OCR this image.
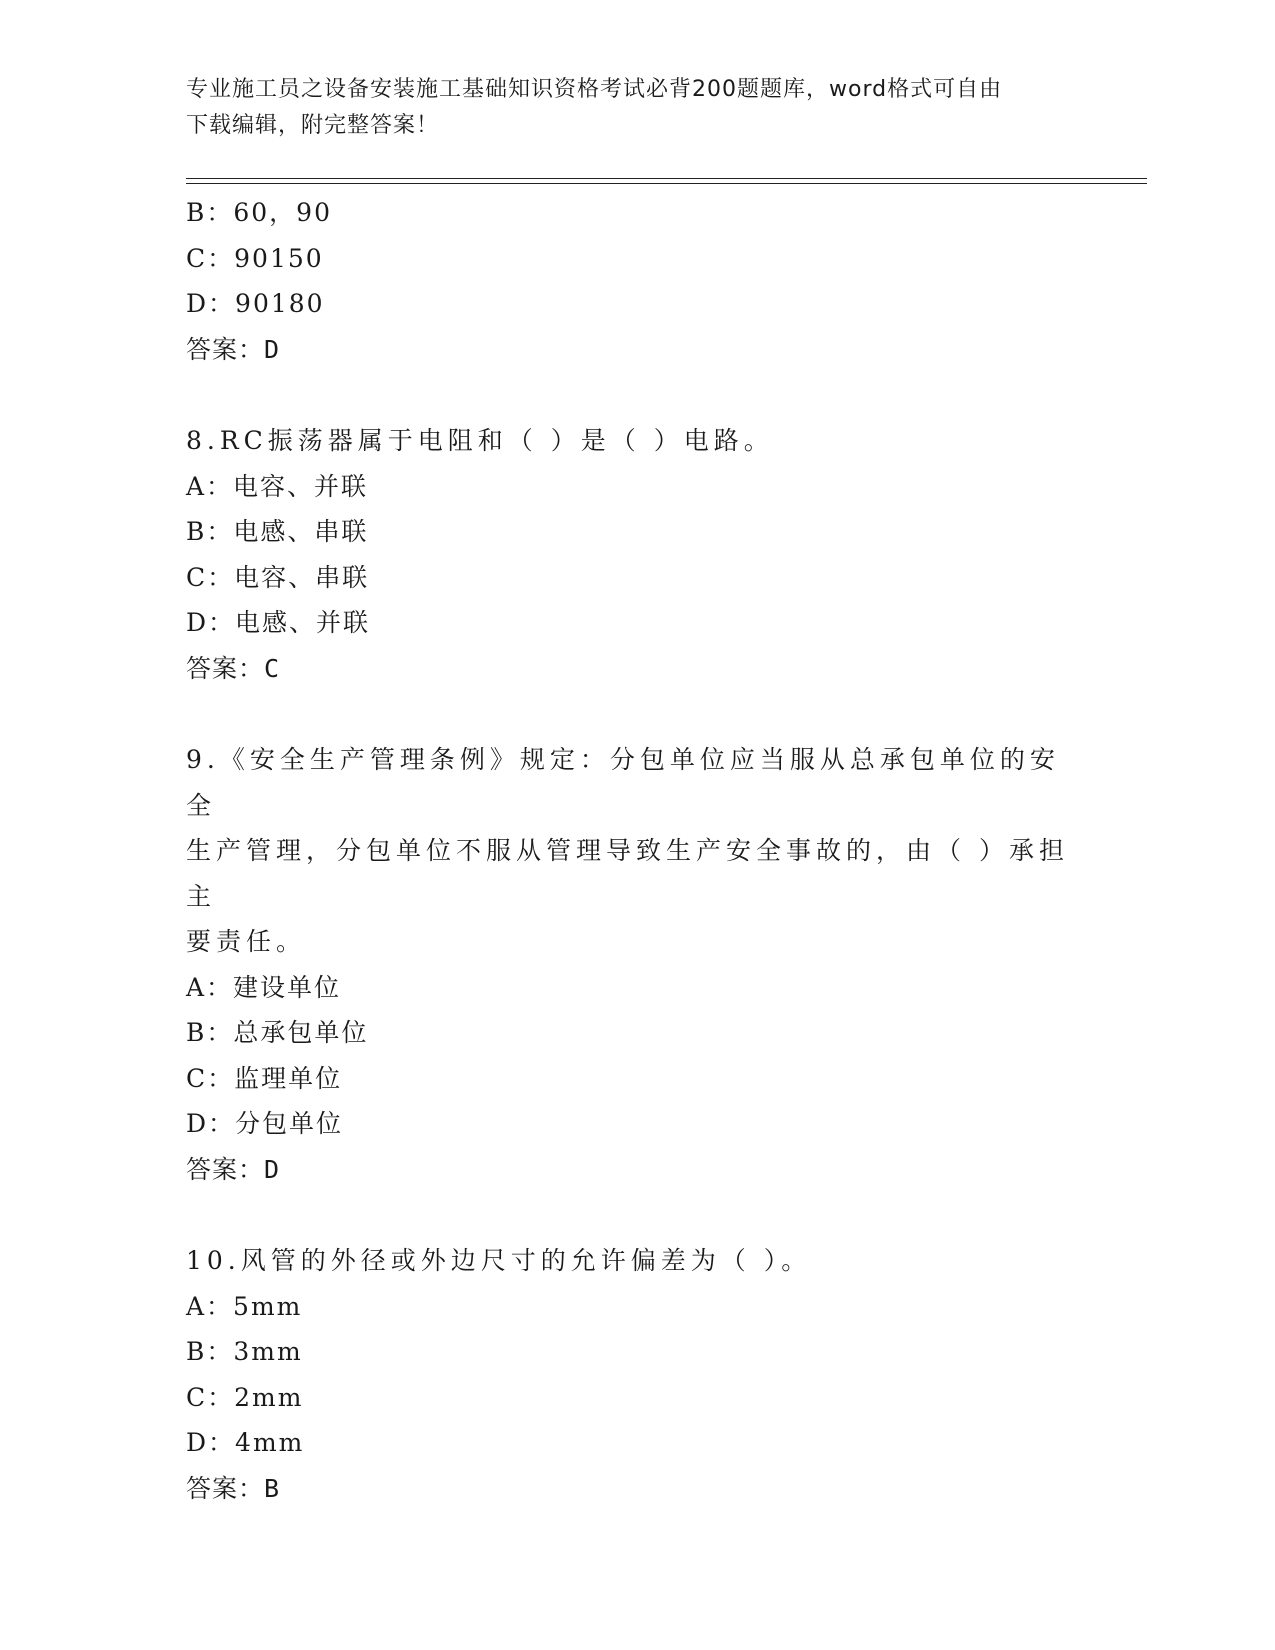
专业施工员之设备安装施工基础知识资格考试必背200题题库，word格式可自由
下载编辑，附完整答案！
B：60，90
C：90150
D：90180
答案：D
8.RC振荡器属于电阻和（ ）是（ ）电路。
A：电容、并联
B：电感、串联
C：电容、串联
D：电感、并联
答案：C
9.《安全生产管理条例》规定：分包单位应当服从总承包单位的安全
生产管理，分包单位不服从管理导致生产安全事故的，由（ ）承担主
要责任。
A：建设单位
B：总承包单位
C：监理单位
D：分包单位
答案：D
10.风管的外径或外边尺寸的允许偏差为（ ）。
A：5mm
B：3mm
C：2mm
D：4mm
答案：B
